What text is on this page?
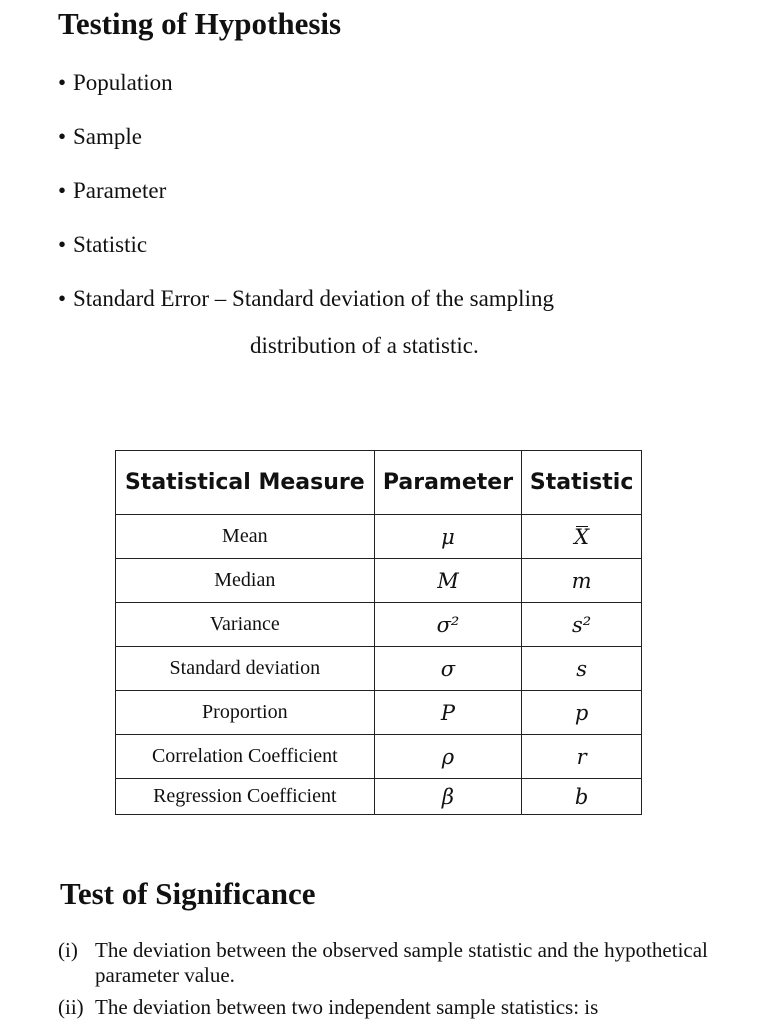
Testing of Hypothesis
• Population
• Sample
• Parameter
• Statistic
• Standard Error – Standard deviation of the sampling
distribution of a statistic.
Statistical Measure	Parameter	Statistic
Mean	μ	X
Median	M	m
Variance	σ²	s²
Standard deviation	σ	s
Proportion	P	p
Correlation Coefficient	ρ	r
Regression Coefficient	β	b
Test of Significance
(i) The deviation between the observed sample statistic and the hypothetical parameter value.
(ii) The deviation between two independent sample statistics: is
